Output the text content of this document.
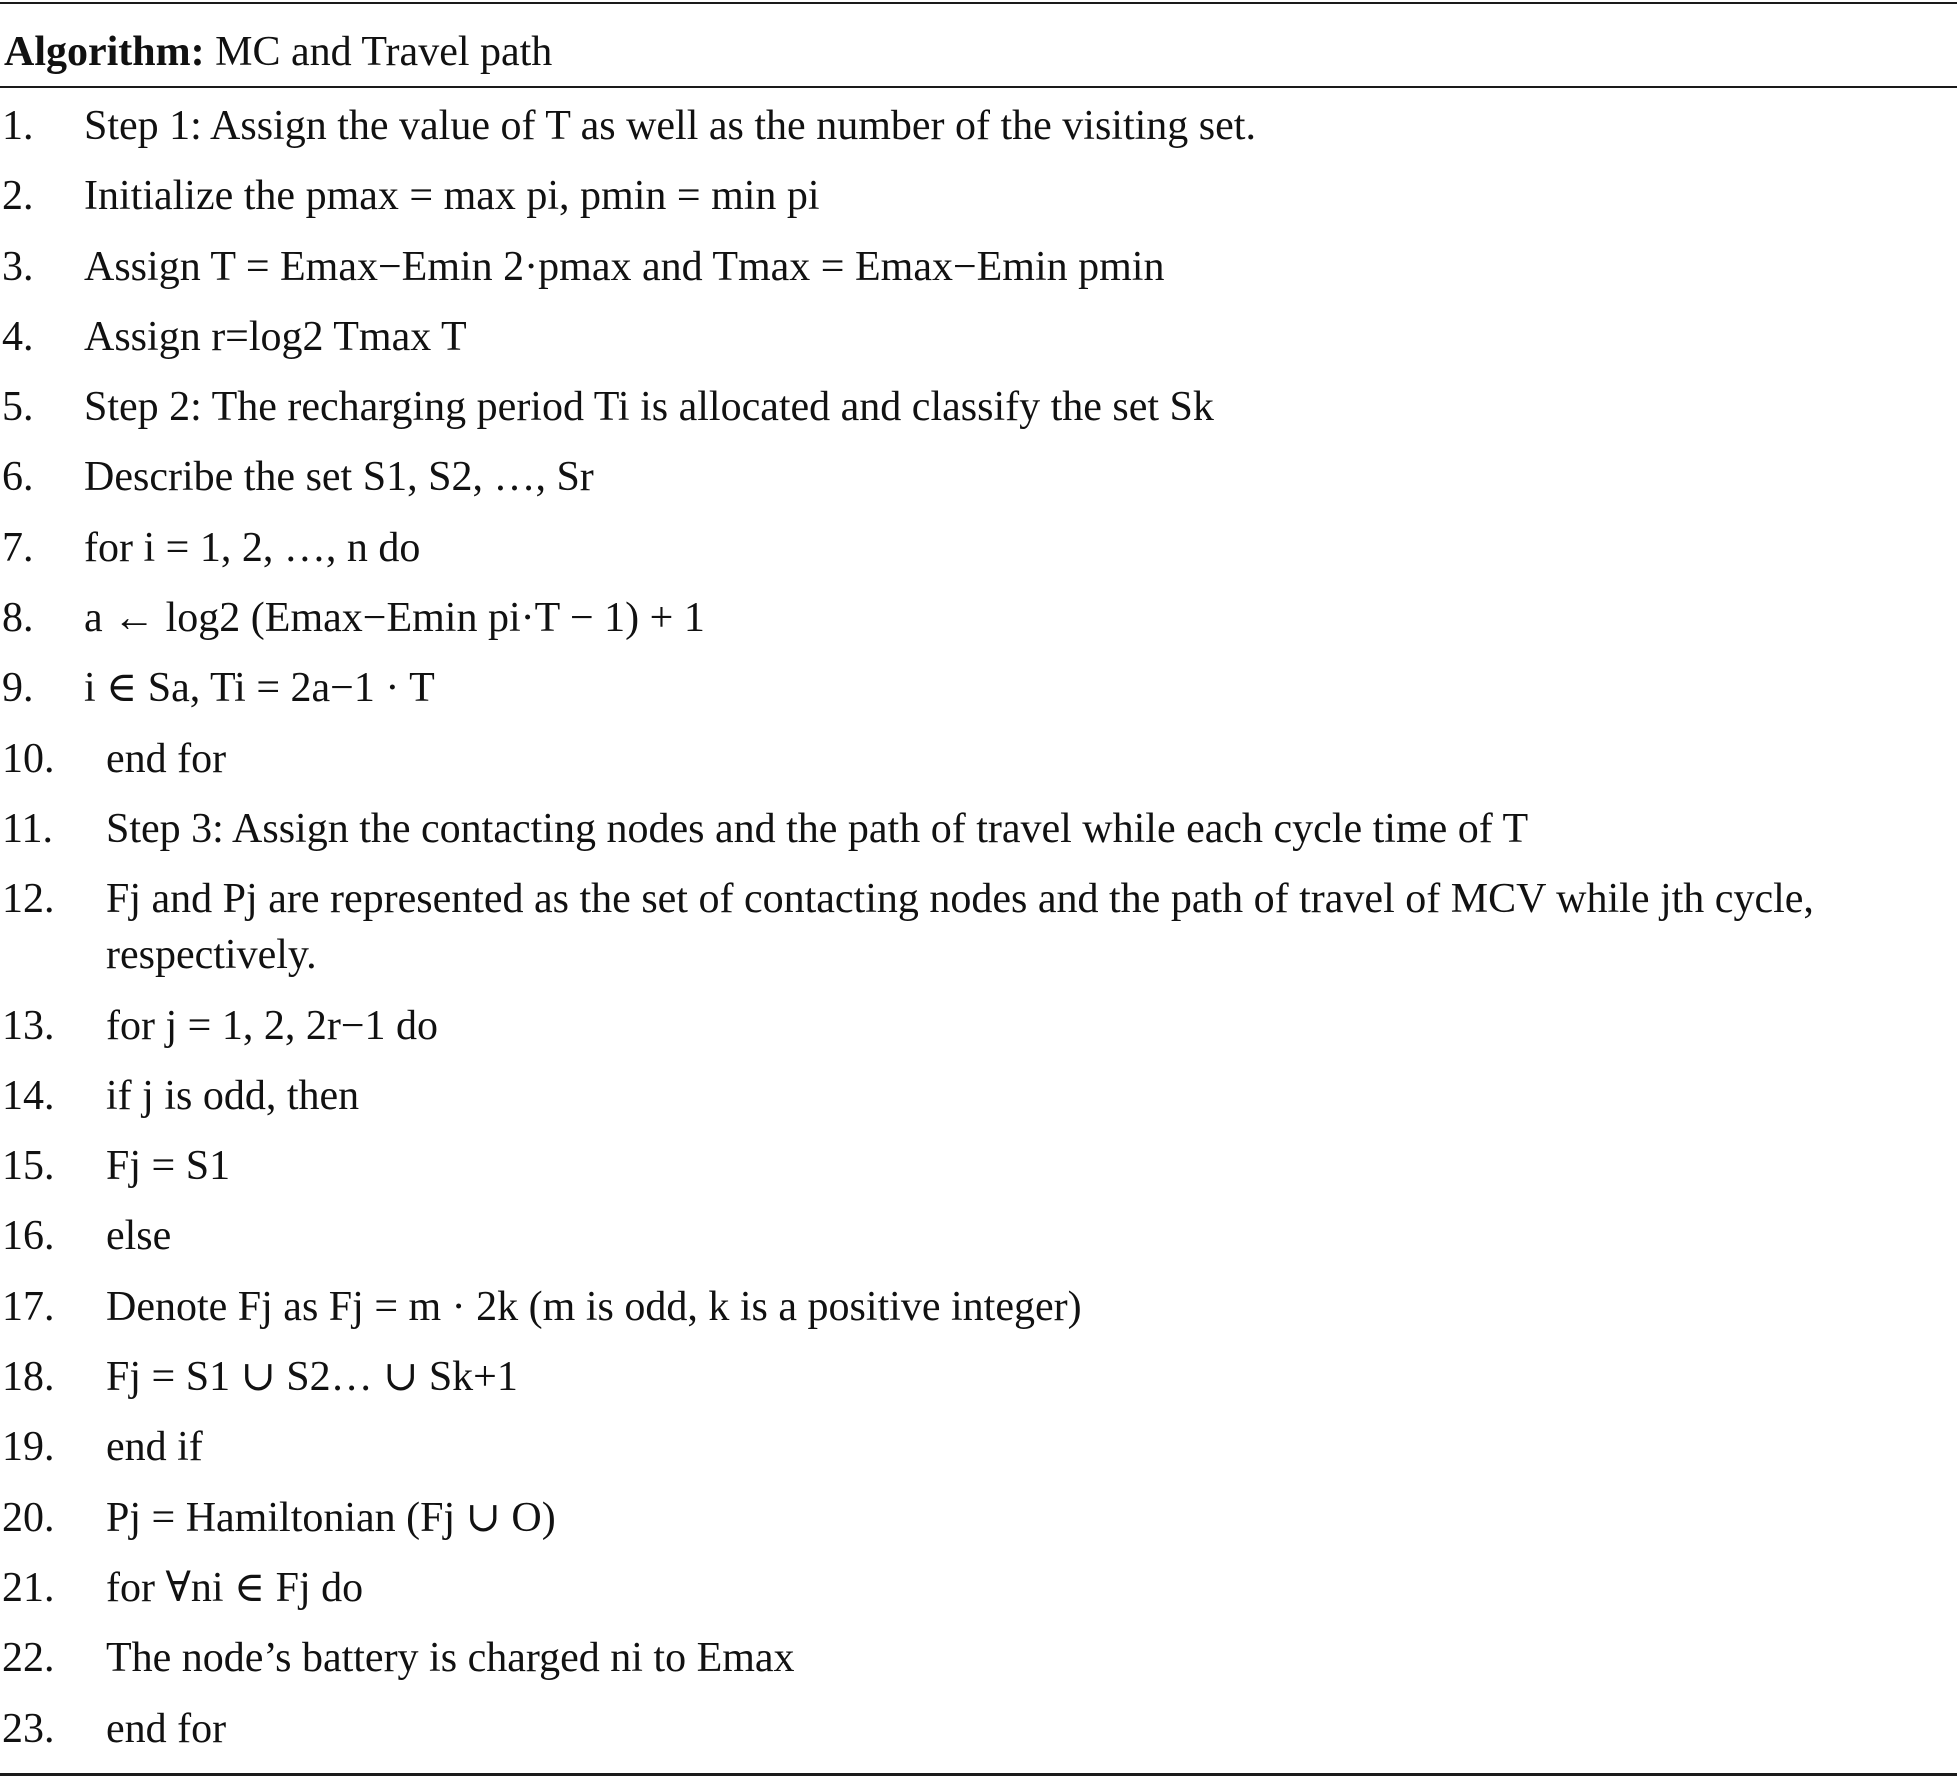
Algorithm: MC and Travel path
1.	Step 1: Assign the value of T as well as the number of the visiting set.
2.	Initialize the pmax = max pi, pmin = min pi
3.	Assign T = Emax−Emin 2·pmax and Tmax = Emax−Emin pmin
4.	Assign r=log2 Tmax T
5.	Step 2: The recharging period Ti is allocated and classify the set Sk
6.	Describe the set S1, S2, …, Sr
7.	for i = 1, 2, …, n do
8.	a ← log2 (Emax−Emin pi·T − 1) + 1
9.	i ∈ Sa, Ti = 2a−1 · T
10.	end for
11.	Step 3: Assign the contacting nodes and the path of travel while each cycle time of T
12.	Fj and Pj are represented as the set of contacting nodes and the path of travel of MCV while jth cycle, respectively.
13.	for j = 1, 2, 2r−1 do
14.	if j is odd, then
15.	Fj = S1
16.	else
17.	Denote Fj as Fj = m · 2k (m is odd, k is a positive integer)
18.	Fj = S1 ∪ S2… ∪ Sk+1
19.	end if
20.	Pj = Hamiltonian (Fj ∪ O)
21.	for ∀ni ∈ Fj do
22.	The node’s battery is charged ni to Emax
23.	end for
